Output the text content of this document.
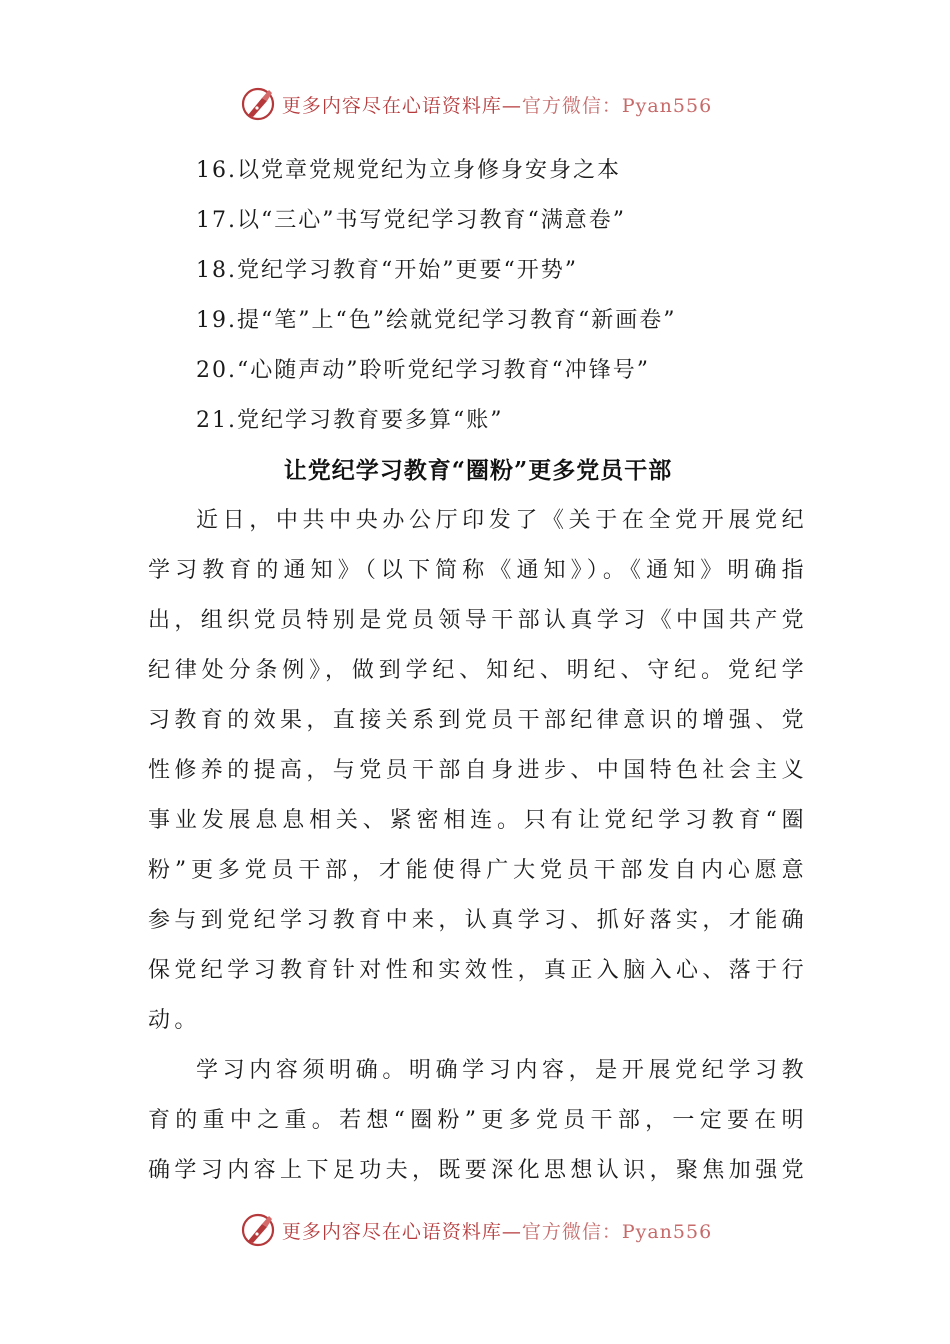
更多内容尽在心语资料库—官方微信：Pyan556
16.以党章党规党纪为立身修身安身之本
17.以“三心”书写党纪学习教育“满意卷”
18.党纪学习教育“开始”更要“开势”
19.提“笔”上“色”绘就党纪学习教育“新画卷”
20.“心随声动”聆听党纪学习教育“冲锋号”
21.党纪学习教育要多算“账”
让党纪学习教育“圈粉”更多党员干部

近日，中共中央办公厅印发了《关于在全党开展党纪学习教育的通知》（以下简称《通知》）。《通知》明确指出，组织党员特别是党员领导干部认真学习《中国共产党纪律处分条例》，做到学纪、知纪、明纪、守纪。党纪学习教育的效果，直接关系到党员干部纪律意识的增强、党性修养的提高，与党员干部自身进步、中国特色社会主义事业发展息息相关、紧密相连。只有让党纪学习教育“圈粉”更多党员干部，才能使得广大党员干部发自内心愿意参与到党纪学习教育中来，认真学习、抓好落实，才能确保党纪学习教育针对性和实效性，真正入脑入心、落于行动。

学习内容须明确。明确学习内容，是开展党纪学习教育的重中之重。若想“圈粉”更多党员干部，一定要在明确学习内容上下足功夫，既要深化思想认识，聚焦加强党

更多内容尽在心语资料库—官方微信：Pyan556
